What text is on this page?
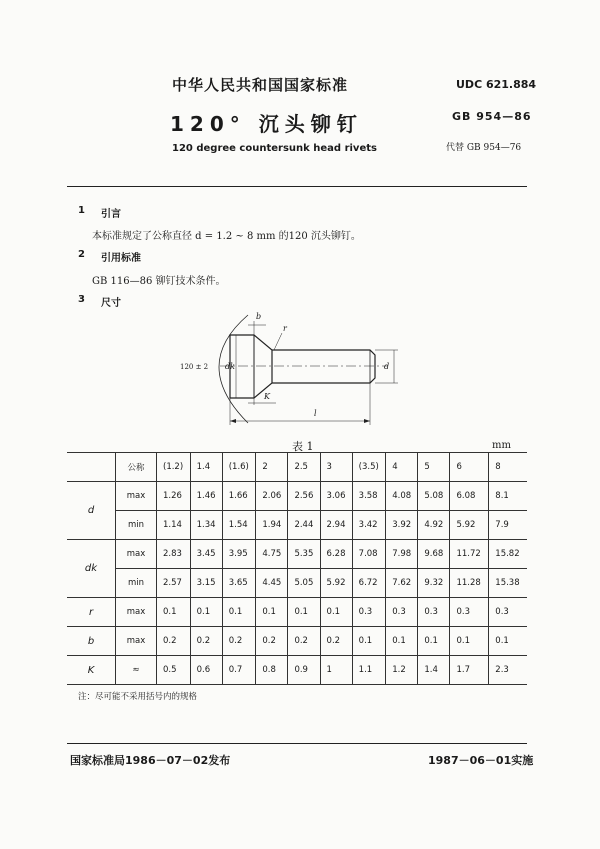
中华人民共和国国家标准	UDC 621.884
120° 沉头铆钉	GB 954—86
120 degree countersunk head rivets	代替 GB 954—76
1 引言
本标准规定了公称直径 d = 1.2 ~ 8 mm 的120 沉头铆钉。
2 引用标准
GB 116—86 铆钉技术条件。
3 尺寸
b
r
120 ± 2 dk	d
K
l
表 1	mm
	公称	(1.2)	1.4	(1.6)	2	2.5	3	(3.5)	4	5	6	8
d	max	1.26	1.46	1.66	2.06	2.56	3.06	3.58	4.08	5.08	6.08	8.1
	min	1.14	1.34	1.54	1.94	2.44	2.94	3.42	3.92	4.92	5.92	7.9
dk	max	2.83	3.45	3.95	4.75	5.35	6.28	7.08	7.98	9.68	11.72	15.82
	min	2.57	3.15	3.65	4.45	5.05	5.92	6.72	7.62	9.32	11.28	15.38
r	max	0.1	0.1	0.1	0.1	0.1	0.1	0.3	0.3	0.3	0.3	0.3
b	max	0.2	0.2	0.2	0.2	0.2	0.2	0.1	0.1	0.1	0.1	0.1
K	≈	0.5	0.6	0.7	0.8	0.9	1	1.1	1.2	1.4	1.7	2.3
注：尽可能不采用括号内的规格
国家标准局1986－07－02发布	1987－06－01实施
